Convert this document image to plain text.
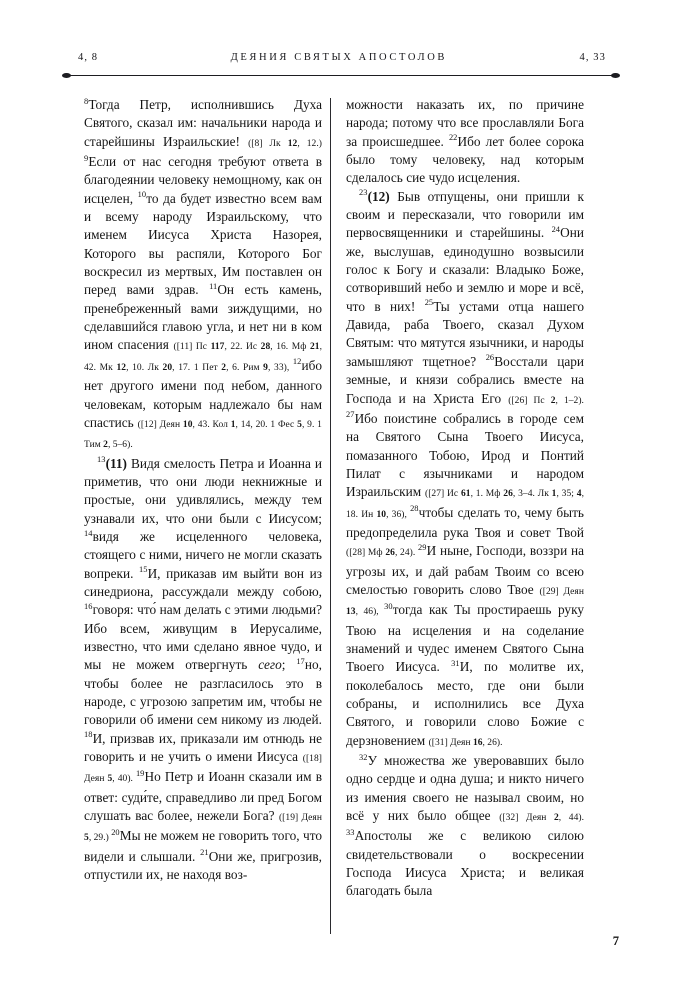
4, 8	ДЕЯНИЯ СВЯТЫХ АПОСТОЛОВ	4, 33

$^8$Тогда Петр, исполнившись Духа Святого, сказал им: начальники народа и старейшины Израильские! ([8] Лк 12, 12.) $^9$Если от нас сегодня требуют ответа в благодеянии человеку немощному, как он исцелен, $^{10}$то да будет известно всем вам и всему народу Израильскому, что именем Иисуса Христа Назорея, Которого вы распяли, Которого Бог воскресил из мертвых, Им поставлен он перед вами здрав. $^{11}$Он есть камень, пренебреженный вами зиждущими, но сделавшийся главою угла, и нет ни в ком ином спасения ([11] Пс 117, 22. Ис 28, 16. Мф 21, 42. Мк 12, 10. Лк 20, 17. 1 Пет 2, 6. Рим 9, 33), $^{12}$ибо нет другого имени под небом, данного человекам, которым надлежало бы нам спастись ([12] Деян 10, 43. Кол 1, 14, 20. 1 Фес 5, 9. 1 Тим 2, 5–6).

$^{13}$(11) Видя смелость Петра и Иоанна и приметив, что они люди некнижные и простые, они удивлялись, между тем узнавали их, что они были с Иисусом; $^{14}$видя же исцеленного человека, стоящего с ними, ничего не могли сказать вопреки. $^{15}$И, приказав им выйти вон из синедриона, рассуждали между собою, $^{16}$говоря: что́ нам делать с этими людьми? Ибо всем, живущим в Иерусалиме, известно, что ими сделано явное чудо, и мы не можем отвергнуть сего; $^{17}$но, чтобы более не разгласилось это в народе, с угрозою запретим им, чтобы не говорили об имени сем никому из людей. $^{18}$И, призвав их, приказали им отнюдь не говорить и не учить о имени Иисуса ([18] Деян 5, 40). $^{19}$Но Петр и Иоанн сказали им в ответ: суди́те, справедливо ли пред Богом слушать вас более, нежели Бога? ([19] Деян 5, 29.) $^{20}$Мы не можем не говорить того, что видели и слышали. $^{21}$Они же, пригрозив, отпустили их, не находя воз-

можности наказать их, по причине народа; потому что все прославляли Бога за происшедшее. $^{22}$Ибо лет более сорока было тому человеку, над которым сделалось сие чудо исцеления.

$^{23}$(12) Быв отпущены, они пришли к своим и пересказали, что говорили им первосвященники и старейшины. $^{24}$Они же, выслушав, единодушно возвысили голос к Богу и сказали: Владыко Боже, сотворивший небо и землю и море и всё, что в них! $^{25}$Ты устами отца нашего Давида, раба Твоего, сказал Духом Святым: что мятутся язычники, и народы замышляют тщетное? $^{26}$Восстали цари земные, и князи собрались вместе на Господа и на Христа Его ([26] Пс 2, 1–2). $^{27}$Ибо поистине собрались в городе сем на Святого Сына Твоего Иисуса, помазанного Тобою, Ирод и Понтий Пилат с язычниками и народом Израильским ([27] Ис 61, 1. Мф 26, 3–4. Лк 1, 35; 4, 18. Ин 10, 36), $^{28}$чтобы сделать то, чему быть предопределила рука Твоя и совет Твой ([28] Мф 26, 24). $^{29}$И ныне, Господи, воззри на угрозы их, и дай рабам Твоим со всею смелостью говорить слово Твое ([29] Деян 13, 46), $^{30}$тогда как Ты простираешь руку Твою на исцеления и на соделание знамений и чудес именем Святого Сына Твоего Иисуса. $^{31}$И, по молитве их, поколебалось место, где они были собраны, и исполнились все Духа Святого, и говорили слово Божие с дерзновением ([31] Деян 16, 26).

$^{32}$У множества же уверовавших было одно сердце и одна душа; и никто ничего из имения своего не называл своим, но всё у них было общее ([32] Деян 2, 44). $^{33}$Апостолы же с великою силою свидетельствовали о воскресении Господа Иисуса Христа; и великая благодать была

7
